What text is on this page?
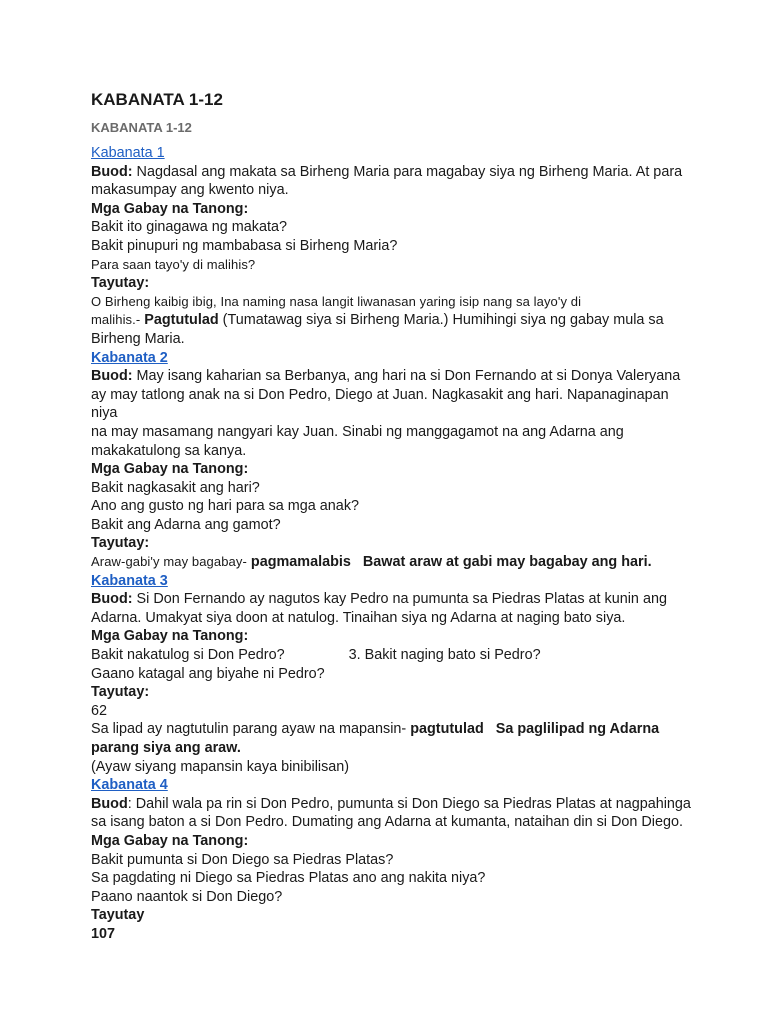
KABANATA 1-12

KABANATA 1-12

Kabanata 1

Buod: Nagdasal ang makata sa Birheng Maria para magabay siya ng Birheng Maria. At para

makasumpay ang kwento niya.

Mga Gabay na Tanong:

Bakit ito ginagawa ng makata?

Bakit pinupuri ng mambabasa si Birheng Maria?

Para saan tayo'y di malihis?

Tayutay:

O Birheng kaibig ibig, Ina naming nasa langit liwanasan yaring isip nang sa layo'y di

malihis.- Pagtutulad (Tumatawag siya si Birheng Maria.) Humihingi siya ng gabay mula sa

Birheng Maria.

Kabanata 2

Buod: May isang kaharian sa Berbanya, ang hari na si Don Fernando at si Donya Valeryana

ay may tatlong anak na si Don Pedro, Diego at Juan. Nagkasakit ang hari. Napanaginapan niya

na may masamang nangyari kay Juan. Sinabi ng manggagamot na ang Adarna ang

makakatulong sa kanya.

Mga Gabay na Tanong:

Bakit nagkasakit ang hari?

Ano ang gusto ng hari para sa mga anak?

Bakit ang Adarna ang gamot?

Tayutay:

Araw-gabi'y may bagabay- pagmamalabis   Bawat araw at gabi may bagabay ang hari.

Kabanata 3

Buod: Si Don Fernando ay nagutos kay Pedro na pumunta sa Piedras Platas at kunin ang

Adarna. Umakyat siya doon at natulog. Tinaihan siya ng Adarna at naging bato siya.

Mga Gabay na Tanong:

Bakit nakatulog si Don Pedro?	3. Bakit naging bato si Pedro?

Gaano katagal ang biyahe ni Pedro?

Tayutay:

62

Sa lipad ay nagtutulin parang ayaw na mapansin- pagtutulad   Sa paglilipad ng Adarna

parang siya ang araw.

(Ayaw siyang mapansin kaya binibilisan)

Kabanata 4

Buod: Dahil wala pa rin si Don Pedro, pumunta si Don Diego sa Piedras Platas at nagpahinga

sa isang baton a si Don Pedro. Dumating ang Adarna at kumanta, nataihan din si Don Diego.

Mga Gabay na Tanong:

Bakit pumunta si Don Diego sa Piedras Platas?

Sa pagdating ni Diego sa Piedras Platas ano ang nakita niya?

Paano naantok si Don Diego?

Tayutay

107
